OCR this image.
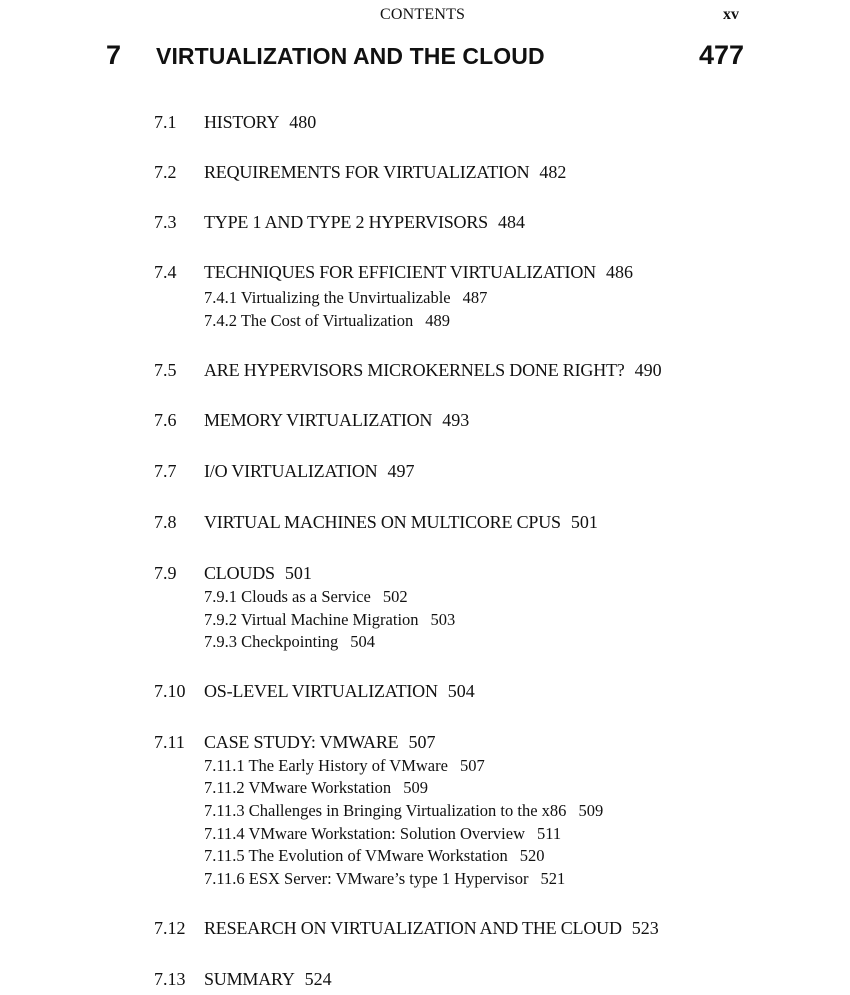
CONTENTS	xv
7 VIRTUALIZATION AND THE CLOUD	477
7.1 HISTORY 480
7.2 REQUIREMENTS FOR VIRTUALIZATION 482
7.3 TYPE 1 AND TYPE 2 HYPERVISORS 484
7.4 TECHNIQUES FOR EFFICIENT VIRTUALIZATION 486
7.4.1 Virtualizing the Unvirtualizable 487
7.4.2 The Cost of Virtualization 489
7.5 ARE HYPERVISORS MICROKERNELS DONE RIGHT? 490
7.6 MEMORY VIRTUALIZATION 493
7.7 I/O VIRTUALIZATION 497
7.8 VIRTUAL MACHINES ON MULTICORE CPUS 501
7.9 CLOUDS 501
7.9.1 Clouds as a Service 502
7.9.2 Virtual Machine Migration 503
7.9.3 Checkpointing 504
7.10 OS-LEVEL VIRTUALIZATION 504
7.11 CASE STUDY: VMWARE 507
7.11.1 The Early History of VMware 507
7.11.2 VMware Workstation 509
7.11.3 Challenges in Bringing Virtualization to the x86 509
7.11.4 VMware Workstation: Solution Overview 511
7.11.5 The Evolution of VMware Workstation 520
7.11.6 ESX Server: VMware’s type 1 Hypervisor 521
7.12 RESEARCH ON VIRTUALIZATION AND THE CLOUD 523
7.13 SUMMARY 524
